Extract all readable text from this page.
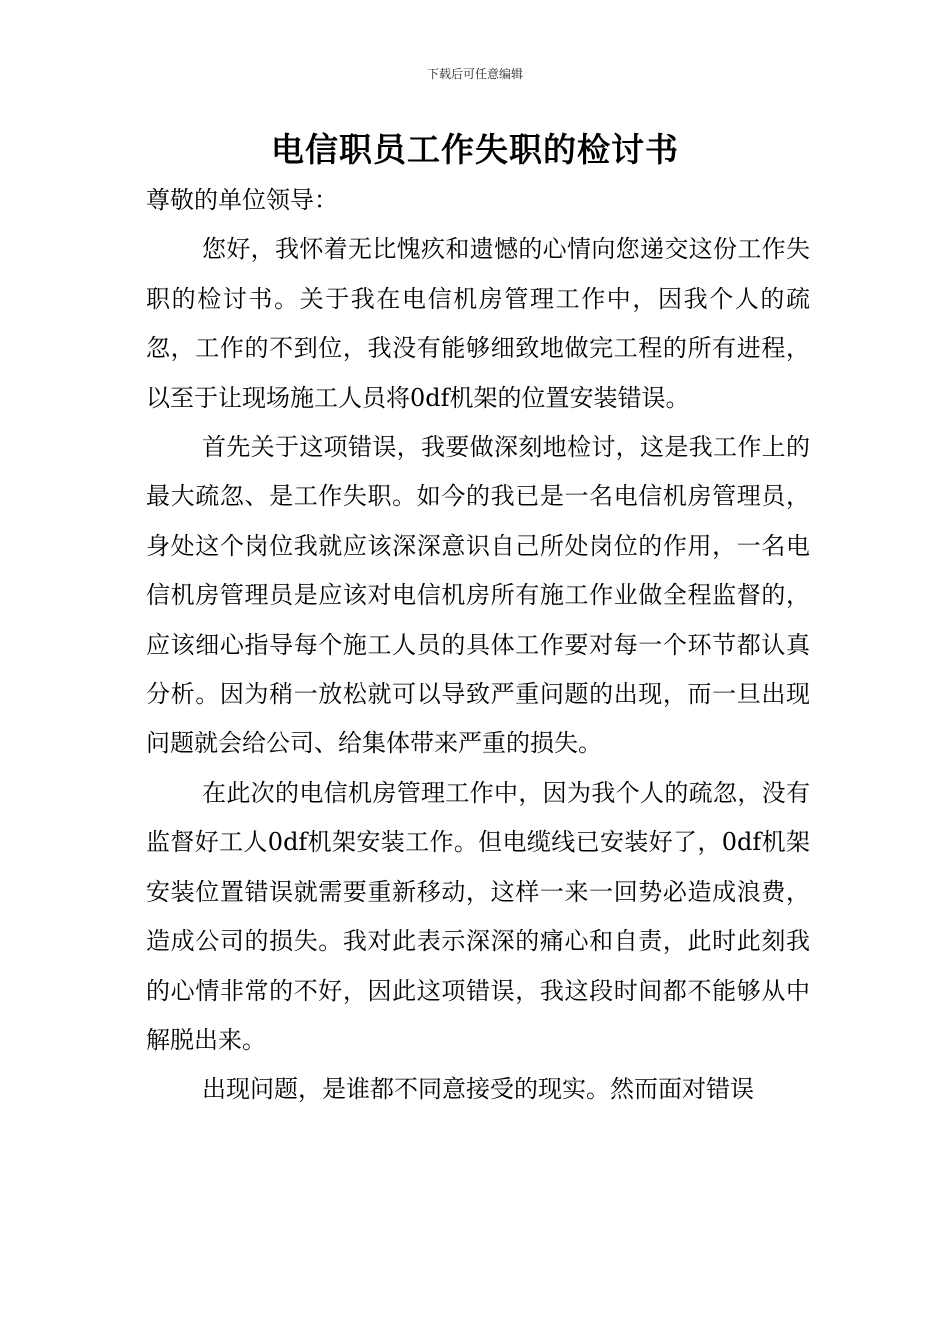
下载后可任意编辑
电信职员工作失职的检讨书

尊敬的单位领导：

您好，我怀着无比愧疚和遗憾的心情向您递交这份工作失职的检讨书。关于我在电信机房管理工作中，因我个人的疏忽，工作的不到位，我没有能够细致地做完工程的所有进程，以至于让现场施工人员将0df机架的位置安装错误。

首先关于这项错误，我要做深刻地检讨，这是我工作上的最大疏忽、是工作失职。如今的我已是一名电信机房管理员，身处这个岗位我就应该深深意识自己所处岗位的作用，一名电信机房管理员是应该对电信机房所有施工作业做全程监督的，应该细心指导每个施工人员的具体工作要对每一个环节都认真分析。因为稍一放松就可以导致严重问题的出现，而一旦出现问题就会给公司、给集体带来严重的损失。

在此次的电信机房管理工作中，因为我个人的疏忽，没有监督好工人0df机架安装工作。但电缆线已安装好了，0df机架安装位置错误就需要重新移动，这样一来一回势必造成浪费，造成公司的损失。我对此表示深深的痛心和自责，此时此刻我的心情非常的不好，因此这项错误，我这段时间都不能够从中解脱出来。

出现问题，是谁都不同意接受的现实。然而面对错误
